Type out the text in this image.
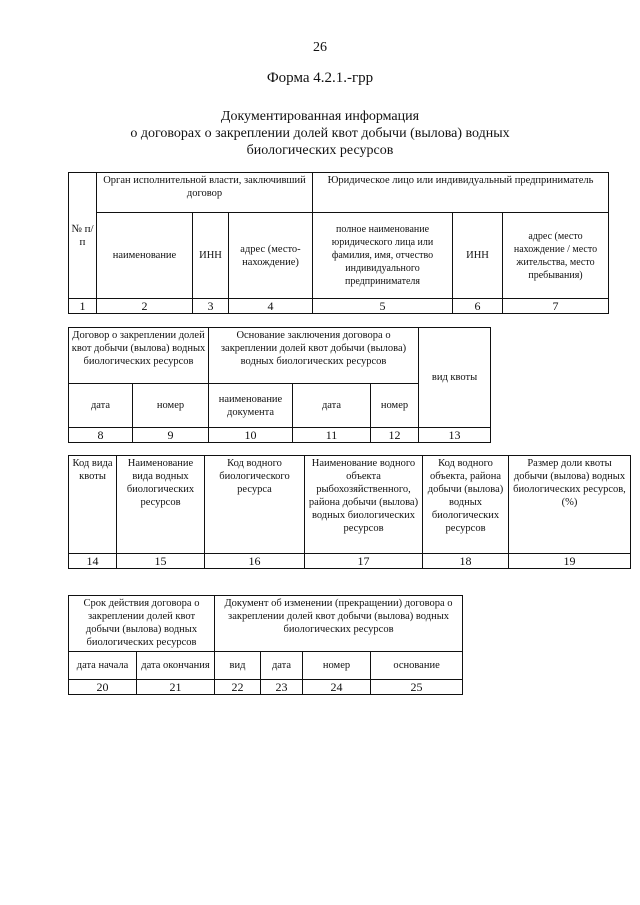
26
Форма 4.2.1.-грр
Документированная информация
о договорах о закреплении долей квот добычи (вылова) водных
биологических ресурсов
№ п/п	Орган исполнительной власти, заключивший договор			Юридическое лицо или индивидуальный предприниматель		
	наименование	ИНН	адрес (место-нахождение)	полное наименование юридического лица или фамилия, имя, отчество индивидуального предпринимателя	ИНН	адрес (место нахождение / место жительства, место пребывания)
1	2	3	4	5	6	7
Договор о закреплении долей квот добычи (вылова) водных биологических ресурсов		Основание заключения договора о закреплении долей квот добычи (вылова) водных биологических ресурсов			вид квоты
дата	номер	наименование документа	дата	номер	
8	9	10	11	12	13
Код вида квоты	Наименование вида водных биологических ресурсов	Код водного биологического ресурса	Наименование водного объекта рыбохозяйственного, района добычи (вылова) водных биологических ресурсов	Код водного объекта, района добычи (вылова) водных биологических ресурсов	Размер доли квоты добычи (вылова) водных биологических ресурсов, (%)
14	15	16	17	18	19
Срок действия договора о закреплении долей квот добычи (вылова) водных биологических ресурсов		Документ об изменении (прекращении) договора о закреплении долей квот добычи (вылова) водных биологических ресурсов			
дата начала	дата окончания	вид	дата	номер	основание
20	21	22	23	24	25
